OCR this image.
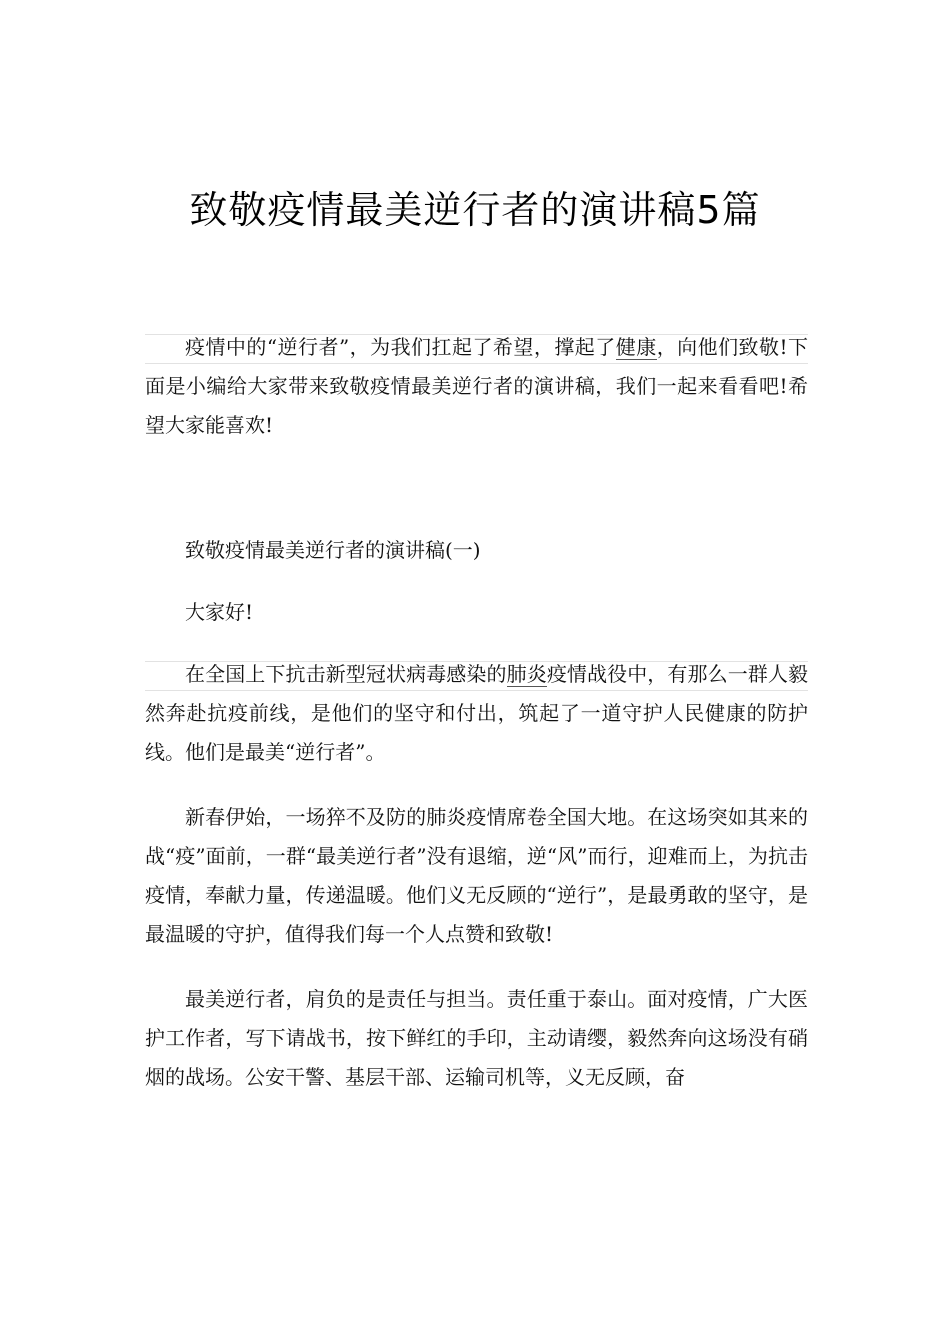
致敬疫情最美逆行者的演讲稿5篇

疫情中的“逆行者”，为我们扛起了希望，撑起了健康，向他们致敬!下面是小编给大家带来致敬疫情最美逆行者的演讲稿，我们一起来看看吧!希望大家能喜欢!

致敬疫情最美逆行者的演讲稿(一)

大家好!

在全国上下抗击新型冠状病毒感染的肺炎疫情战役中，有那么一群人毅然奔赴抗疫前线，是他们的坚守和付出，筑起了一道守护人民健康的防护线。他们是最美“逆行者”。

新春伊始，一场猝不及防的肺炎疫情席卷全国大地。在这场突如其来的战“疫”面前，一群“最美逆行者”没有退缩，逆“风”而行，迎难而上，为抗击疫情，奉献力量，传递温暖。他们义无反顾的“逆行”，是最勇敢的坚守，是最温暖的守护，值得我们每一个人点赞和致敬!

最美逆行者，肩负的是责任与担当。责任重于泰山。面对疫情，广大医护工作者，写下请战书，按下鲜红的手印，主动请缨，毅然奔向这场没有硝烟的战场。公安干警、基层干部、运输司机等，义无反顾，奋
